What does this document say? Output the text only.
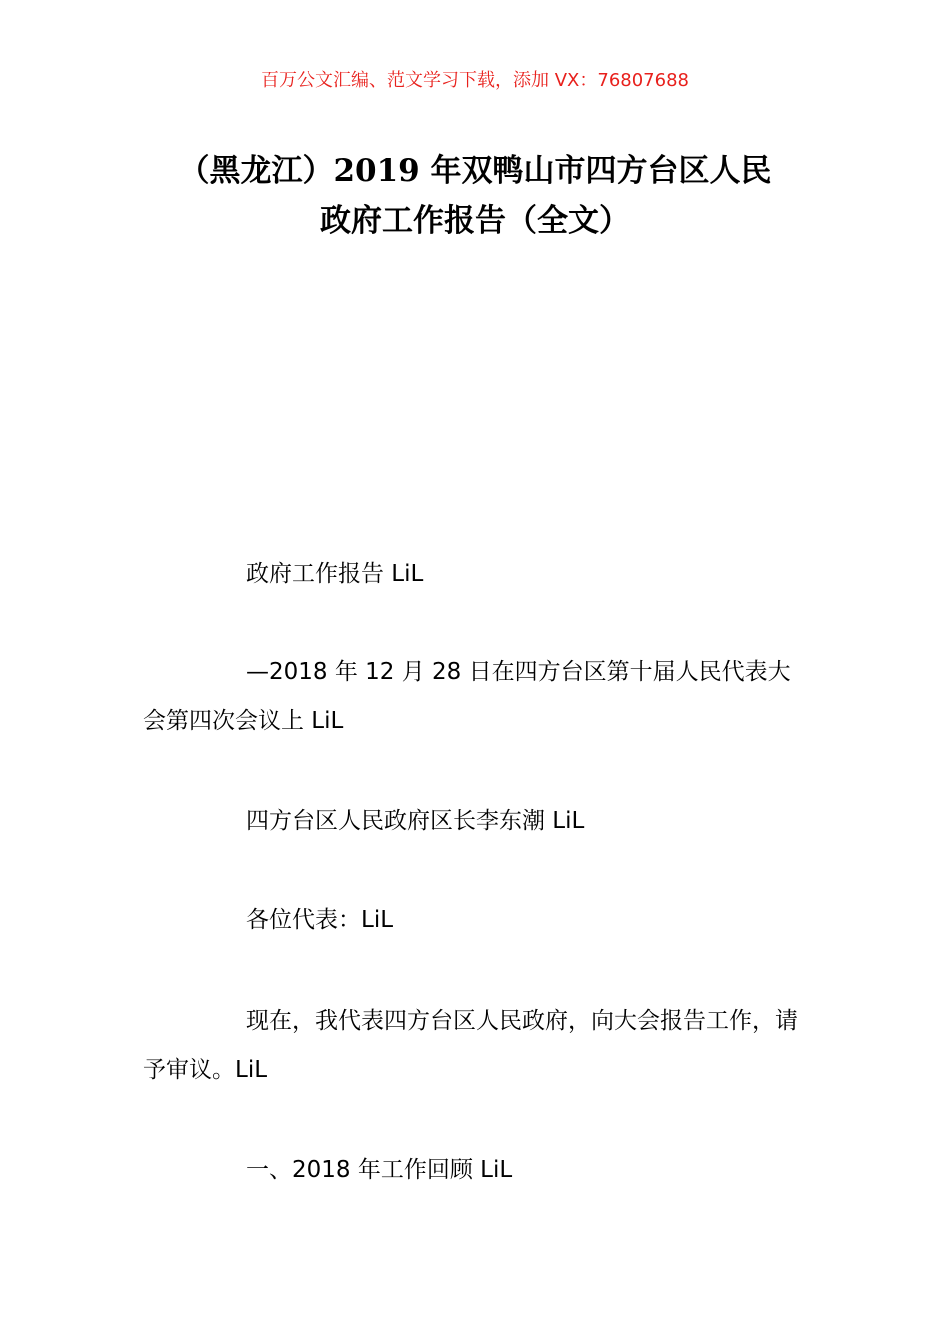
百万公文汇编、范文学习下载，添加 VX：76807688
（黑龙江）2019 年双鸭山市四方台区人民
政府工作报告（全文）

政府工作报告 LiL

—2018 年 12 月 28 日在四方台区第十届人民代表大会第四次会议上 LiL

四方台区人民政府区长李东潮 LiL

各位代表：LiL

现在，我代表四方台区人民政府，向大会报告工作，请予审议。LiL

一、2018 年工作回顾 LiL
